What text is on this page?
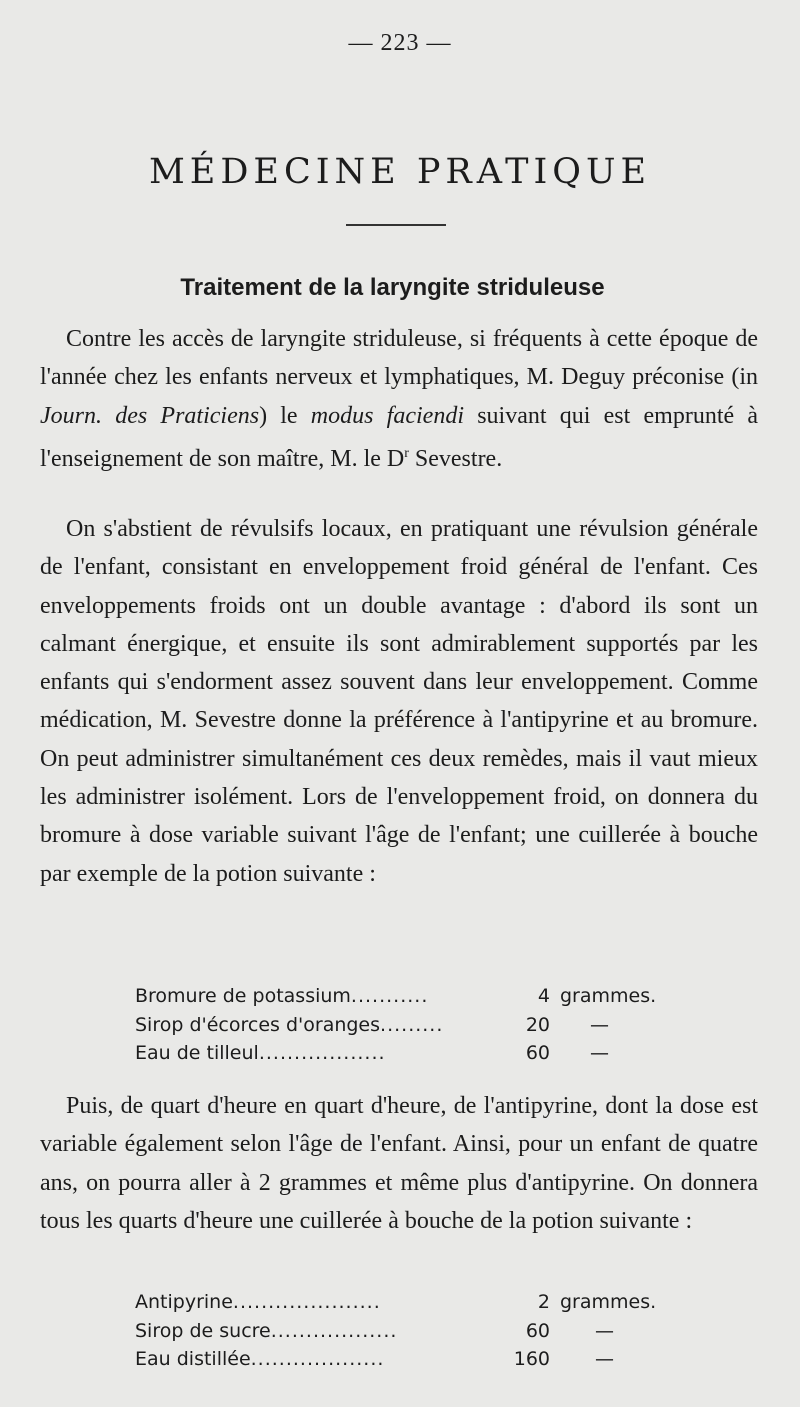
— 223 —
MÉDECINE PRATIQUE
Traitement de la laryngite striduleuse

Contre les accès de laryngite striduleuse, si fréquents à cette époque de l'année chez les enfants nerveux et lymphatiques, M. Deguy préconise (in Journ. des Praticiens) le modus faciendi suivant qui est emprunté à l'enseignement de son maître, M. le $D^r$ Sevestre.

On s'abstient de révulsifs locaux, en pratiquant une révulsion générale de l'enfant, consistant en enveloppement froid général de l'enfant. Ces enveloppements froids ont un double avantage : d'abord ils sont un calmant énergique, et ensuite ils sont admirablement supportés par les enfants qui s'endorment assez souvent dans leur enveloppement. Comme médication, M. Sevestre donne la préférence à l'antipyrine et au bromure. On peut administrer simultanément ces deux remèdes, mais il vaut mieux les administrer isolément. Lors de l'enveloppement froid, on donnera du bromure à dose variable suivant l'âge de l'enfant; une cuillerée à bouche par exemple de la potion suivante :

Bromure de potassium...........	4 grammes.
Sirop d'écorces d'oranges.........	20 —
Eau de tilleul..................	60 —

Puis, de quart d'heure en quart d'heure, de l'antipyrine, dont la dose est variable également selon l'âge de l'enfant. Ainsi, pour un enfant de quatre ans, on pourra aller à 2 grammes et même plus d'antipyrine. On donnera tous les quarts d'heure une cuillerée à bouche de la potion suivante :

Antipyrine.....................	2 grammes.
Sirop de sucre..................	60 —
Eau distillée...................	160 —
